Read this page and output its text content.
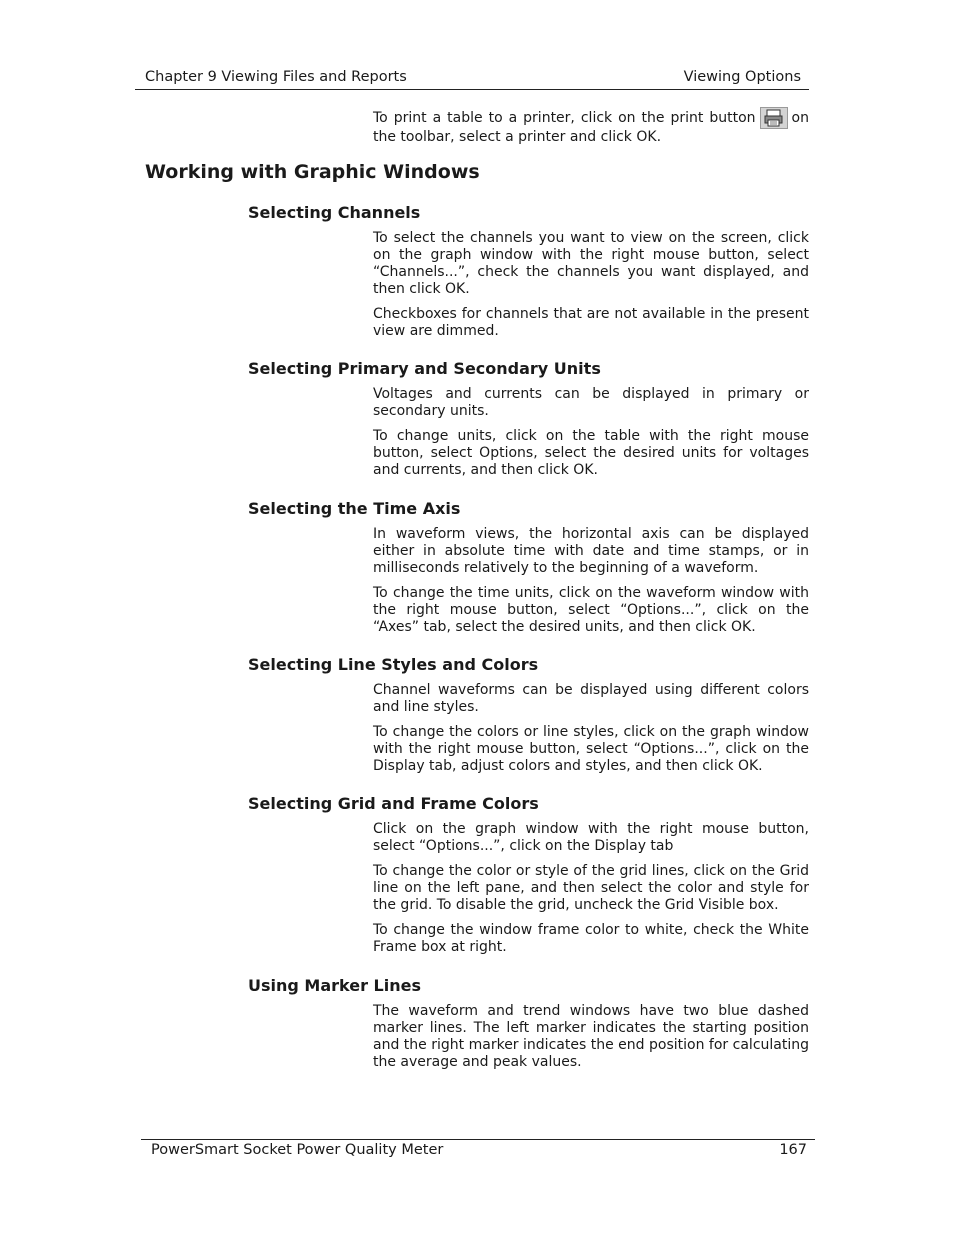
Chapter 9 Viewing Files and Reports	Viewing Options

To print a table to a printer, click on the print button	on the toolbar, select a printer and click OK.

Working with Graphic Windows
Selecting Channels

To select the channels you want to view on the screen, click on the graph window with the right mouse button, select “Channels...”, check the channels you want displayed, and then click OK.

Checkboxes for channels that are not available in the present view are dimmed.

Selecting Primary and Secondary Units

Voltages and currents can be displayed in primary or secondary units.

To change units, click on the table with the right mouse button, select Options, select the desired units for voltages and currents, and then click OK.

Selecting the Time Axis

In waveform views, the horizontal axis can be displayed either in absolute time with date and time stamps, or in milliseconds relatively to the beginning of a waveform.

To change the time units, click on the waveform window with the right mouse button, select “Options...”, click on the “Axes” tab, select the desired units, and then click OK.

Selecting Line Styles and Colors

Channel waveforms can be displayed using different colors and line styles.

To change the colors or line styles, click on the graph window with the right mouse button, select “Options...”, click on the Display tab, adjust colors and styles, and then click OK.

Selecting Grid and Frame Colors

Click on the graph window with the right mouse button, select “Options...”, click on the Display tab

To change the color or style of the grid lines, click on the Grid line on the left pane, and then select the color and style for the grid. To disable the grid, uncheck the Grid Visible box.

To change the window frame color to white, check the White Frame box at right.

Using Marker Lines

The waveform and trend windows have two blue dashed marker lines. The left marker indicates the starting position and the right marker indicates the end position for calculating the average and peak values.

PowerSmart Socket Power Quality Meter	167
